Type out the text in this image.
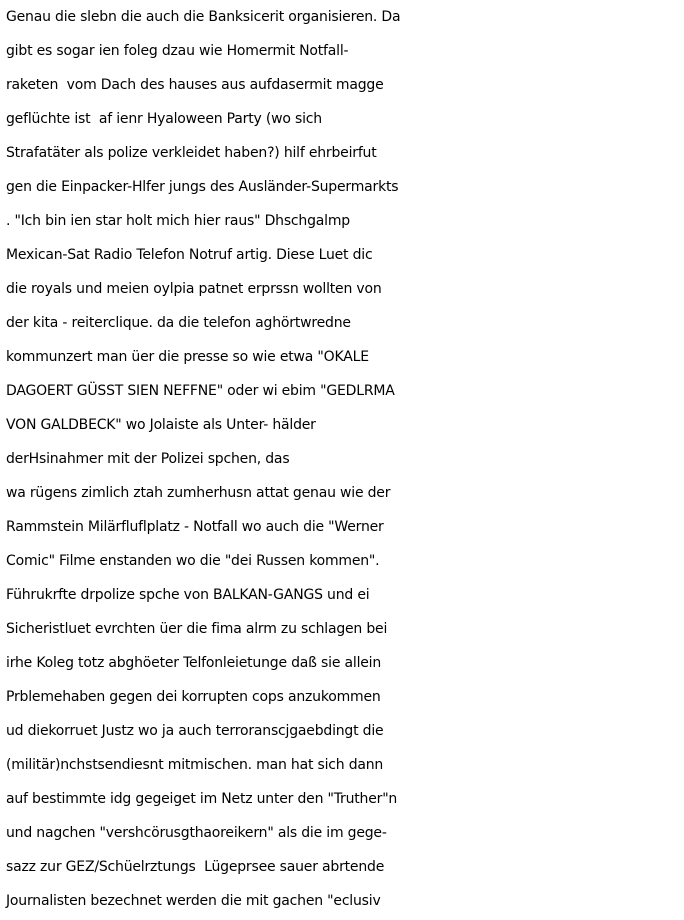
Genau die slebn die auch die Banksicerit organisieren. Da
gibt es sogar ien foleg dzau wie Homermit Notfall-
raketen  vom Dach des hauses aus aufdasermit magge
geflüchte ist  af ienr Hyaloween Party (wo sich
Strafatäter als polize verkleidet haben?) hilf ehrbeirfut
gen die Einpacker-Hlfer jungs des Ausländer-Supermarkts
. "Ich bin ien star holt mich hier raus" Dhschgalmp
Mexican-Sat Radio Telefon Notruf artig. Diese Luet dic
die royals und meien oylpia patnet erprssn wollten von
der kita - reiterclique. da die telefon aghörtwredne
kommunzert man üer die presse so wie etwa "OKALE
DAGOERT GÜSST SIEN NEFFNE" oder wi ebim "GEDLRMA
VON GALDBECK" wo Jolaiste als Unter- hälder
derHsinahmer mit der Polizei spchen, das
wa rügens zimlich ztah zumherhusn attat genau wie der
Rammstein Milärfluflplatz - Notfall wo auch die "Werner
Comic" Filme enstanden wo die "dei Russen kommen".
Führukrfte drpolize spche von BALKAN-GANGS und ei
Sicheristluet evrchten üer die fima alrm zu schlagen bei
irhe Koleg totz abghöeter Telfonleietunge daß sie allein
Prblemehaben gegen dei korrupten cops anzukommen
ud diekorruet Justz wo ja auch terroranscjgaebdingt die
(militär)nchstsendiesnt mitmischen. man hat sich dann
auf bestimmte idg gegeiget im Netz unter den "Truther"n
und nagchen "vershcörusgthaoreikern" als die im gege-
sazz zur GEZ/Schüelrztungs  Lügeprsee sauer abrtende
Journalisten bezechnet werden die mit gachen "eclusiv
